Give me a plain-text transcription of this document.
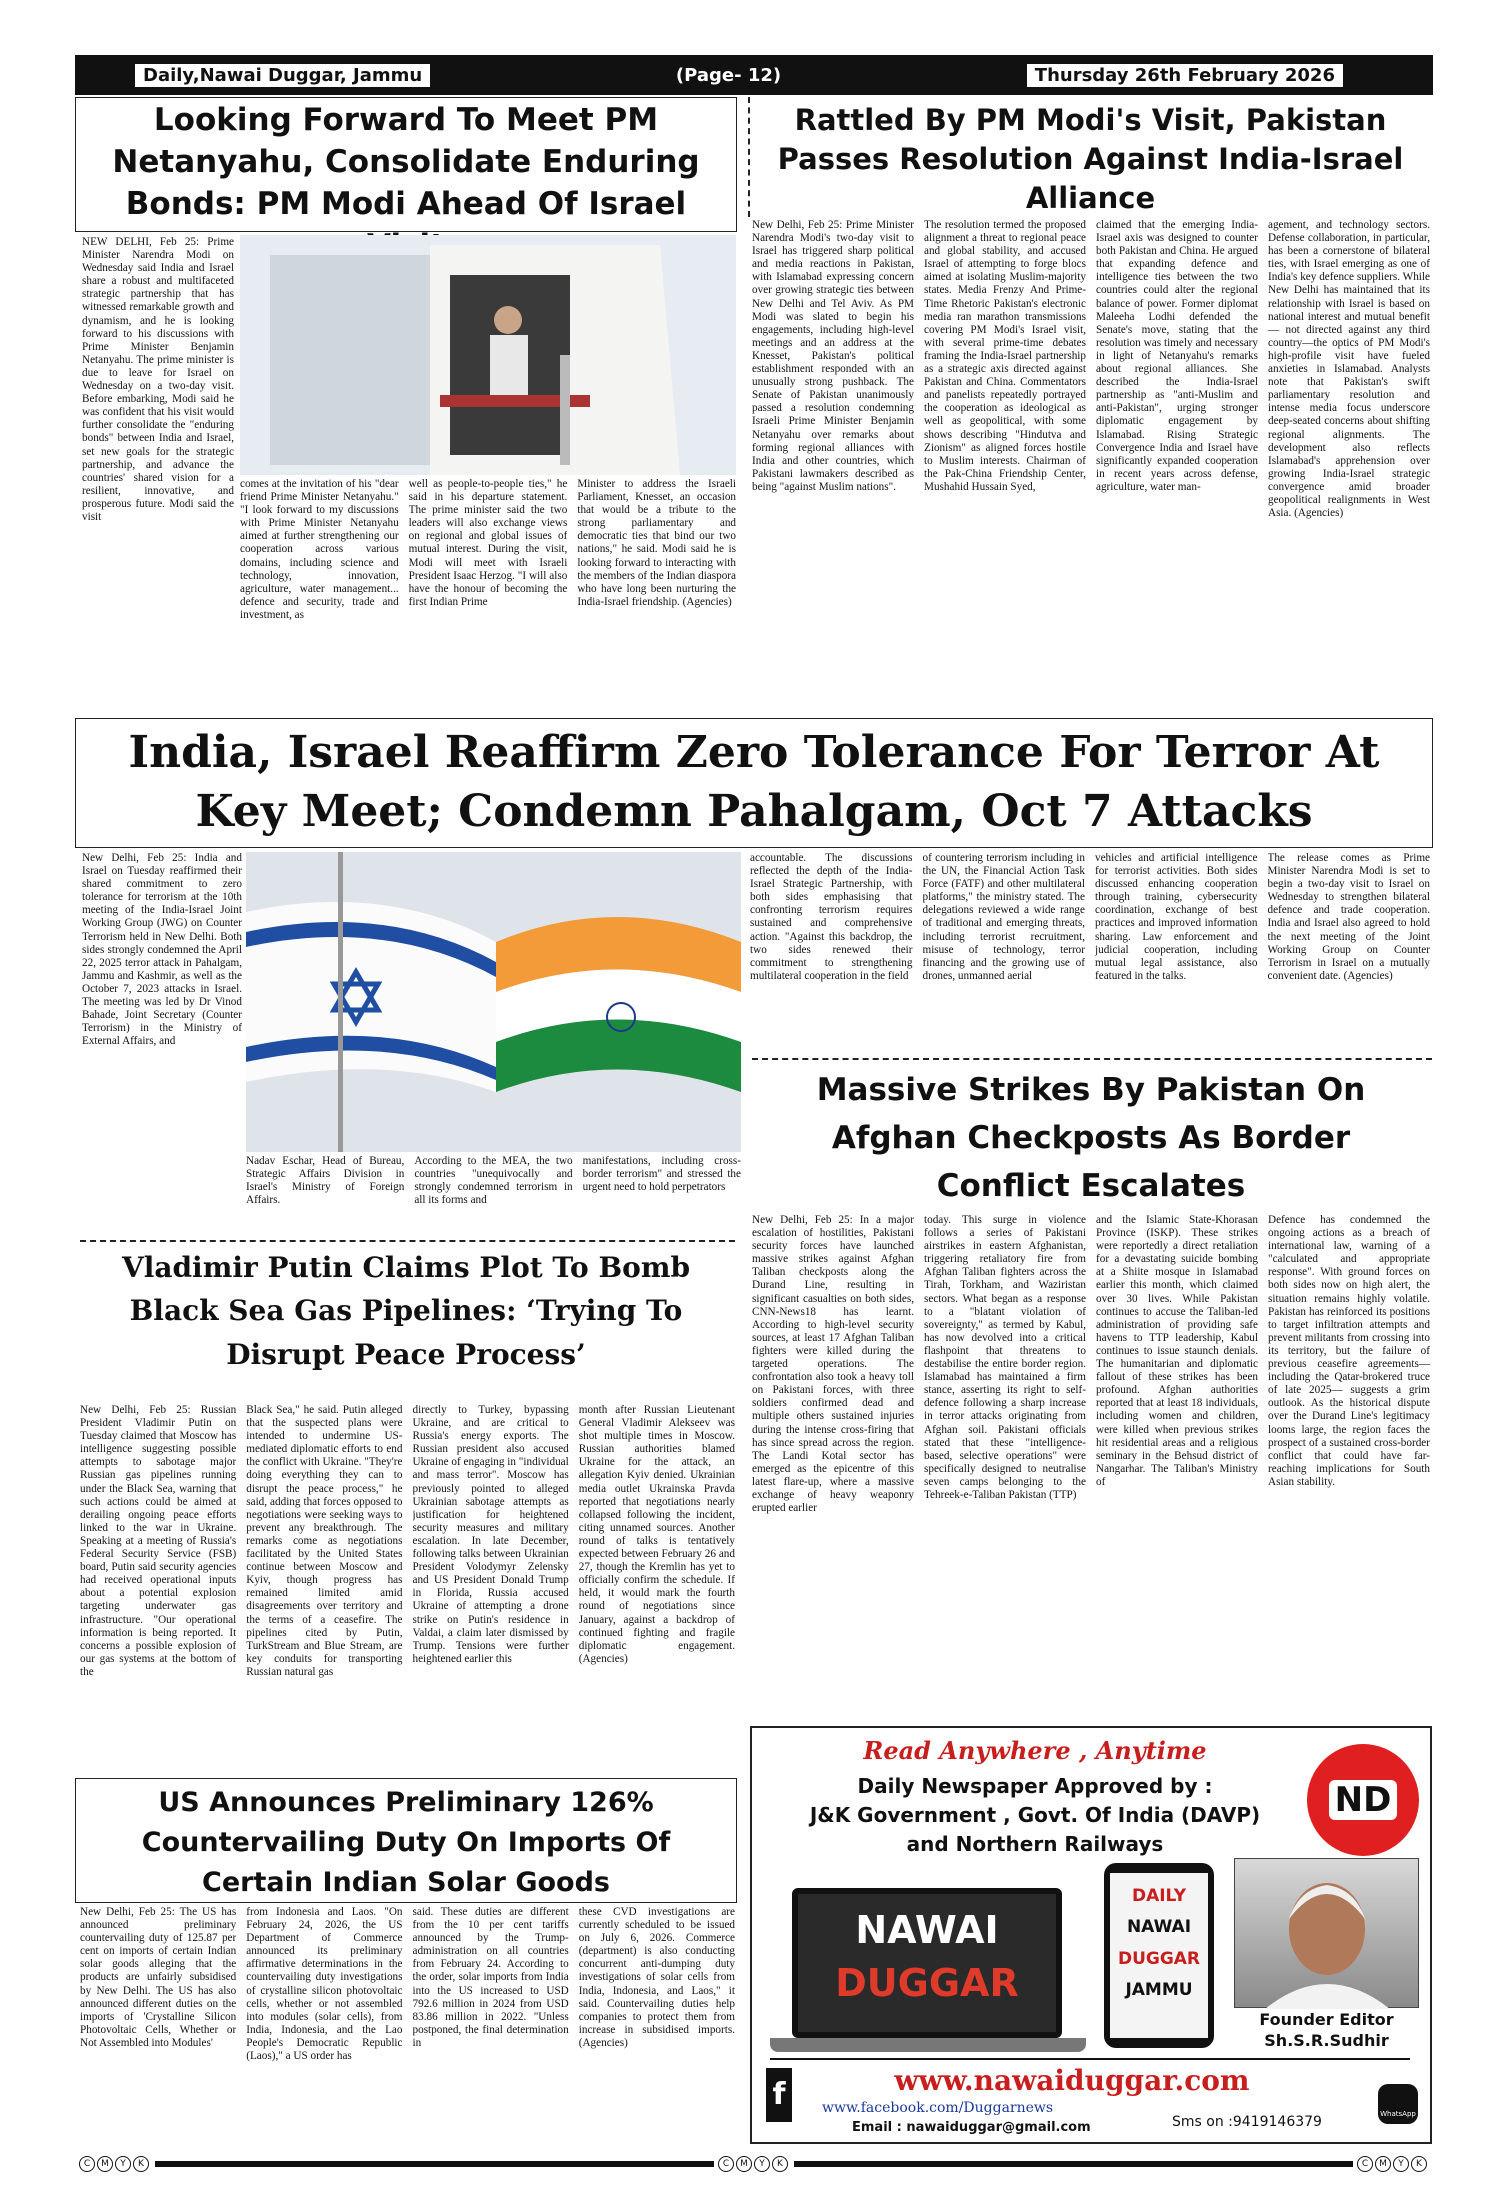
Daily,Nawai Duggar, Jammu	(Page- 12)	Thursday 26th February 2026
Looking Forward To Meet PM Netanyahu, Consolidate Enduring Bonds: PM Modi Ahead Of Israel
NEW DELHI, Feb 25: Prime Minister Narendra Modi on Wednesday said India and Israel share a robust and multifaceted strategic partnership that has witnessed remarkable growth and dynamism, and he is looking forward to his discussions with Prime Minister Benjamin Netanyahu. The prime minister is due to leave for Israel on Wednesday on a two-day visit. Before embarking, Modi said he was confident that his visit would further consolidate the "enduring bonds" between India and Israel, set new goals for the strategic partnership, and advance the countries' shared vision for a resilient, innovative, and prosperous future. Modi said the visit
comes at the invitation of his "dear friend Prime Minister Netanyahu." "I look forward to my discussions with Prime Minister Netanyahu aimed at further strengthening our cooperation across various domains, including science and technology, innovation, agriculture, water management... defence and security, trade and investment, as
well as people-to-people ties," he said in his departure statement. The prime minister said the two leaders will also exchange views on regional and global issues of mutual interest. During the visit, Modi will meet with Israeli President Isaac Herzog. "I will also have the honour of becoming the first Indian Prime
Minister to address the Israeli Parliament, Knesset, an occasion that would be a tribute to the strong parliamentary and democratic ties that bind our two nations," he said. Modi said he is looking forward to interacting with the members of the Indian diaspora who have long been nurturing the India-Israel friendship. (Agencies)
Rattled By PM Modi's Visit, Pakistan Passes Resolution Against India-Israel Alliance
New Delhi, Feb 25: Prime Minister Narendra Modi's two-day visit to Israel has triggered sharp political and media reactions in Pakistan, with Islamabad expressing concern over growing strategic ties between New Delhi and Tel Aviv. As PM Modi was slated to begin his engagements, including high-level meetings and an address at the Knesset, Pakistan's political establishment responded with an unusually strong pushback. The Senate of Pakistan unanimously passed a resolution condemning Israeli Prime Minister Benjamin Netanyahu over remarks about forming regional alliances with India and other countries, which Pakistani lawmakers described as being "against Muslim nations".
The resolution termed the proposed alignment a threat to regional peace and global stability, and accused Israel of attempting to forge blocs aimed at isolating Muslim-majority states. Media Frenzy And Prime-Time Rhetoric Pakistan's electronic media ran marathon transmissions covering PM Modi's Israel visit, with several prime-time debates framing the India-Israel partnership as a strategic axis directed against Pakistan and China. Commentators and panelists repeatedly portrayed the cooperation as ideological as well as geopolitical, with some shows describing "Hindutva and Zionism" as aligned forces hostile to Muslim interests. Chairman of the Pak-China Friendship Center, Mushahid Hussain Syed,
claimed that the emerging India-Israel axis was designed to counter both Pakistan and China. He argued that expanding defence and intelligence ties between the two countries could alter the regional balance of power. Former diplomat Maleeha Lodhi defended the Senate's move, stating that the resolution was timely and necessary in light of Netanyahu's remarks about regional alliances. She described the India-Israel partnership as "anti-Muslim and anti-Pakistan", urging stronger diplomatic engagement by Islamabad. Rising Strategic Convergence India and Israel have significantly expanded cooperation in recent years across defense, agriculture, water man-
agement, and technology sectors. Defense collaboration, in particular, has been a cornerstone of bilateral ties, with Israel emerging as one of India's key defence suppliers. While New Delhi has maintained that its relationship with Israel is based on national interest and mutual benefit— not directed against any third country—the optics of PM Modi's high-profile visit have fueled anxieties in Islamabad. Analysts note that Pakistan's swift parliamentary resolution and intense media focus underscore deep-seated concerns about shifting regional alignments. The development also reflects Islamabad's apprehension over growing India-Israel strategic convergence amid broader geopolitical realignments in West Asia. (Agencies)
India, Israel Reaffirm Zero Tolerance For Terror At Key Meet; Condemn Pahalgam, Oct 7 Attacks
New Delhi, Feb 25: India and Israel on Tuesday reaffirmed their shared commitment to zero tolerance for terrorism at the 10th meeting of the India-Israel Joint Working Group (JWG) on Counter Terrorism held in New Delhi. Both sides strongly condemned the April 22, 2025 terror attack in Pahalgam, Jammu and Kashmir, as well as the October 7, 2023 attacks in Israel. The meeting was led by Dr Vinod Bahade, Joint Secretary (Counter Terrorism) in the Ministry of External Affairs, and
Nadav Eschar, Head of Bureau, Strategic Affairs Division in Israel's Ministry of Foreign Affairs.
According to the MEA, the two countries "unequivocally and strongly condemned terrorism in all its forms and
manifestations, including cross-border terrorism" and stressed the urgent need to hold perpetrators
accountable. The discussions reflected the depth of the India-Israel Strategic Partnership, with both sides emphasising that confronting terrorism requires sustained and comprehensive action. "Against this backdrop, the two sides renewed their commitment to strengthening multilateral cooperation in the field
of countering terrorism including in the UN, the Financial Action Task Force (FATF) and other multilateral platforms," the ministry stated. The delegations reviewed a wide range of traditional and emerging threats, including terrorist recruitment, misuse of technology, terror financing and the growing use of drones, unmanned aerial
vehicles and artificial intelligence for terrorist activities. Both sides discussed enhancing cooperation through training, cybersecurity coordination, exchange of best practices and improved information sharing. Law enforcement and judicial cooperation, including mutual legal assistance, also featured in the talks.
The release comes as Prime Minister Narendra Modi is set to begin a two-day visit to Israel on Wednesday to strengthen bilateral defence and trade cooperation. India and Israel also agreed to hold the next meeting of the Joint Working Group on Counter Terrorism in Israel on a mutually convenient date. (Agencies)
Massive Strikes By Pakistan On Afghan Checkposts As Border Conflict Escalates
New Delhi, Feb 25: In a major escalation of hostilities, Pakistani security forces have launched massive strikes against Afghan Taliban checkposts along the Durand Line, resulting in significant casualties on both sides, CNN-News18 has learnt. According to high-level security sources, at least 17 Afghan Taliban fighters were killed during the targeted operations. The confrontation also took a heavy toll on Pakistani forces, with three soldiers confirmed dead and multiple others sustained injuries during the intense cross-firing that has since spread across the region. The Landi Kotal sector has emerged as the epicentre of this latest flare-up, where a massive exchange of heavy weaponry erupted earlier
today. This surge in violence follows a series of Pakistani airstrikes in eastern Afghanistan, triggering retaliatory fire from Afghan Taliban fighters across the Tirah, Torkham, and Waziristan sectors. What began as a response to a "blatant violation of sovereignty," as termed by Kabul, has now devolved into a critical flashpoint that threatens to destabilise the entire border region. Islamabad has maintained a firm stance, asserting its right to self-defence following a sharp increase in terror attacks originating from Afghan soil. Pakistani officials stated that these "intelligence-based, selective operations" were specifically designed to neutralise seven camps belonging to the Tehreek-e-Taliban Pakistan (TTP)
and the Islamic State-Khorasan Province (ISKP). These strikes were reportedly a direct retaliation for a devastating suicide bombing at a Shiite mosque in Islamabad earlier this month, which claimed over 30 lives. While Pakistan continues to accuse the Taliban-led administration of providing safe havens to TTP leadership, Kabul continues to issue staunch denials. The humanitarian and diplomatic fallout of these strikes has been profound. Afghan authorities reported that at least 18 individuals, including women and children, were killed when previous strikes hit residential areas and a religious seminary in the Behsud district of Nangarhar. The Taliban's Ministry of
Defence has condemned the ongoing actions as a breach of international law, warning of a "calculated and appropriate response". With ground forces on both sides now on high alert, the situation remains highly volatile. Pakistan has reinforced its positions to target infiltration attempts and prevent militants from crossing into its territory, but the failure of previous ceasefire agreements— including the Qatar-brokered truce of late 2025— suggests a grim outlook. As the historical dispute over the Durand Line's legitimacy looms large, the region faces the prospect of a sustained cross-border conflict that could have far-reaching implications for South Asian stability.
Vladimir Putin Claims Plot To Bomb Black Sea Gas Pipelines: ‘Trying To Disrupt Peace Process’
New Delhi, Feb 25: Russian President Vladimir Putin on Tuesday claimed that Moscow has intelligence suggesting possible attempts to sabotage major Russian gas pipelines running under the Black Sea, warning that such actions could be aimed at derailing ongoing peace efforts linked to the war in Ukraine. Speaking at a meeting of Russia's Federal Security Service (FSB) board, Putin said security agencies had received operational inputs about a potential explosion targeting underwater gas infrastructure. "Our operational information is being reported. It concerns a possible explosion of our gas systems at the bottom of the
Black Sea," he said. Putin alleged that the suspected plans were intended to undermine US-mediated diplomatic efforts to end the conflict with Ukraine. "They're doing everything they can to disrupt the peace process," he said, adding that forces opposed to negotiations were seeking ways to prevent any breakthrough. The remarks come as negotiations facilitated by the United States continue between Moscow and Kyiv, though progress has remained limited amid disagreements over territory and the terms of a ceasefire. The pipelines cited by Putin, TurkStream and Blue Stream, are key conduits for transporting Russian natural gas
directly to Turkey, bypassing Ukraine, and are critical to Russia's energy exports. The Russian president also accused Ukraine of engaging in "individual and mass terror". Moscow has previously pointed to alleged Ukrainian sabotage attempts as justification for heightened security measures and military escalation. In late December, following talks between Ukrainian President Volodymyr Zelensky and US President Donald Trump in Florida, Russia accused Ukraine of attempting a drone strike on Putin's residence in Valdai, a claim later dismissed by Trump. Tensions were further heightened earlier this
month after Russian Lieutenant General Vladimir Alekseev was shot multiple times in Moscow. Russian authorities blamed Ukraine for the attack, an allegation Kyiv denied. Ukrainian media outlet Ukrainska Pravda reported that negotiations nearly collapsed following the incident, citing unnamed sources. Another round of talks is tentatively expected between February 26 and 27, though the Kremlin has yet to officially confirm the schedule. If held, it would mark the fourth round of negotiations since January, against a backdrop of continued fighting and fragile diplomatic engagement. (Agencies)
US Announces Preliminary 126% Countervailing Duty On Imports Of Certain Indian Solar Goods
New Delhi, Feb 25: The US has announced preliminary countervailing duty of 125.87 per cent on imports of certain Indian solar goods alleging that the products are unfairly subsidised by New Delhi. The US has also announced different duties on the imports of 'Crystalline Silicon Photovoltaic Cells, Whether or Not Assembled into Modules'
from Indonesia and Laos. "On February 24, 2026, the US Department of Commerce announced its preliminary affirmative determinations in the countervailing duty investigations of crystalline silicon photovoltaic cells, whether or not assembled into modules (solar cells), from India, Indonesia, and the Lao People's Democratic Republic (Laos)," a US order has
said. These duties are different from the 10 per cent tariffs announced by the Trump-administration on all countries from February 24. According to the order, solar imports from India into the US increased to USD 792.6 million in 2024 from USD 83.86 million in 2022. "Unless postponed, the final determination in
these CVD investigations are currently scheduled to be issued on July 6, 2026. Commerce (department) is also conducting concurrent anti-dumping duty investigations of solar cells from India, Indonesia, and Laos," it said. Countervailing duties help companies to protect them from increase in subsidised imports. (Agencies)
Read Anywhere , Anytime
Daily Newspaper Approved by :
J&K Government , Govt. Of India (DAVP)
and Northern Railways
ND
NAWAI
DUGGAR
DAILY
NAWAI
DUGGAR
JAMMU
Founder Editor
Sh.S.R.Sudhir
f	www.nawaiduggar.com
www.facebook.com/Duggarnews
Email : nawaiduggar@gmail.com	Sms on :9419146379	WhatsApp
C	M	Y	K	C	M	Y	K	C	M	Y	K
